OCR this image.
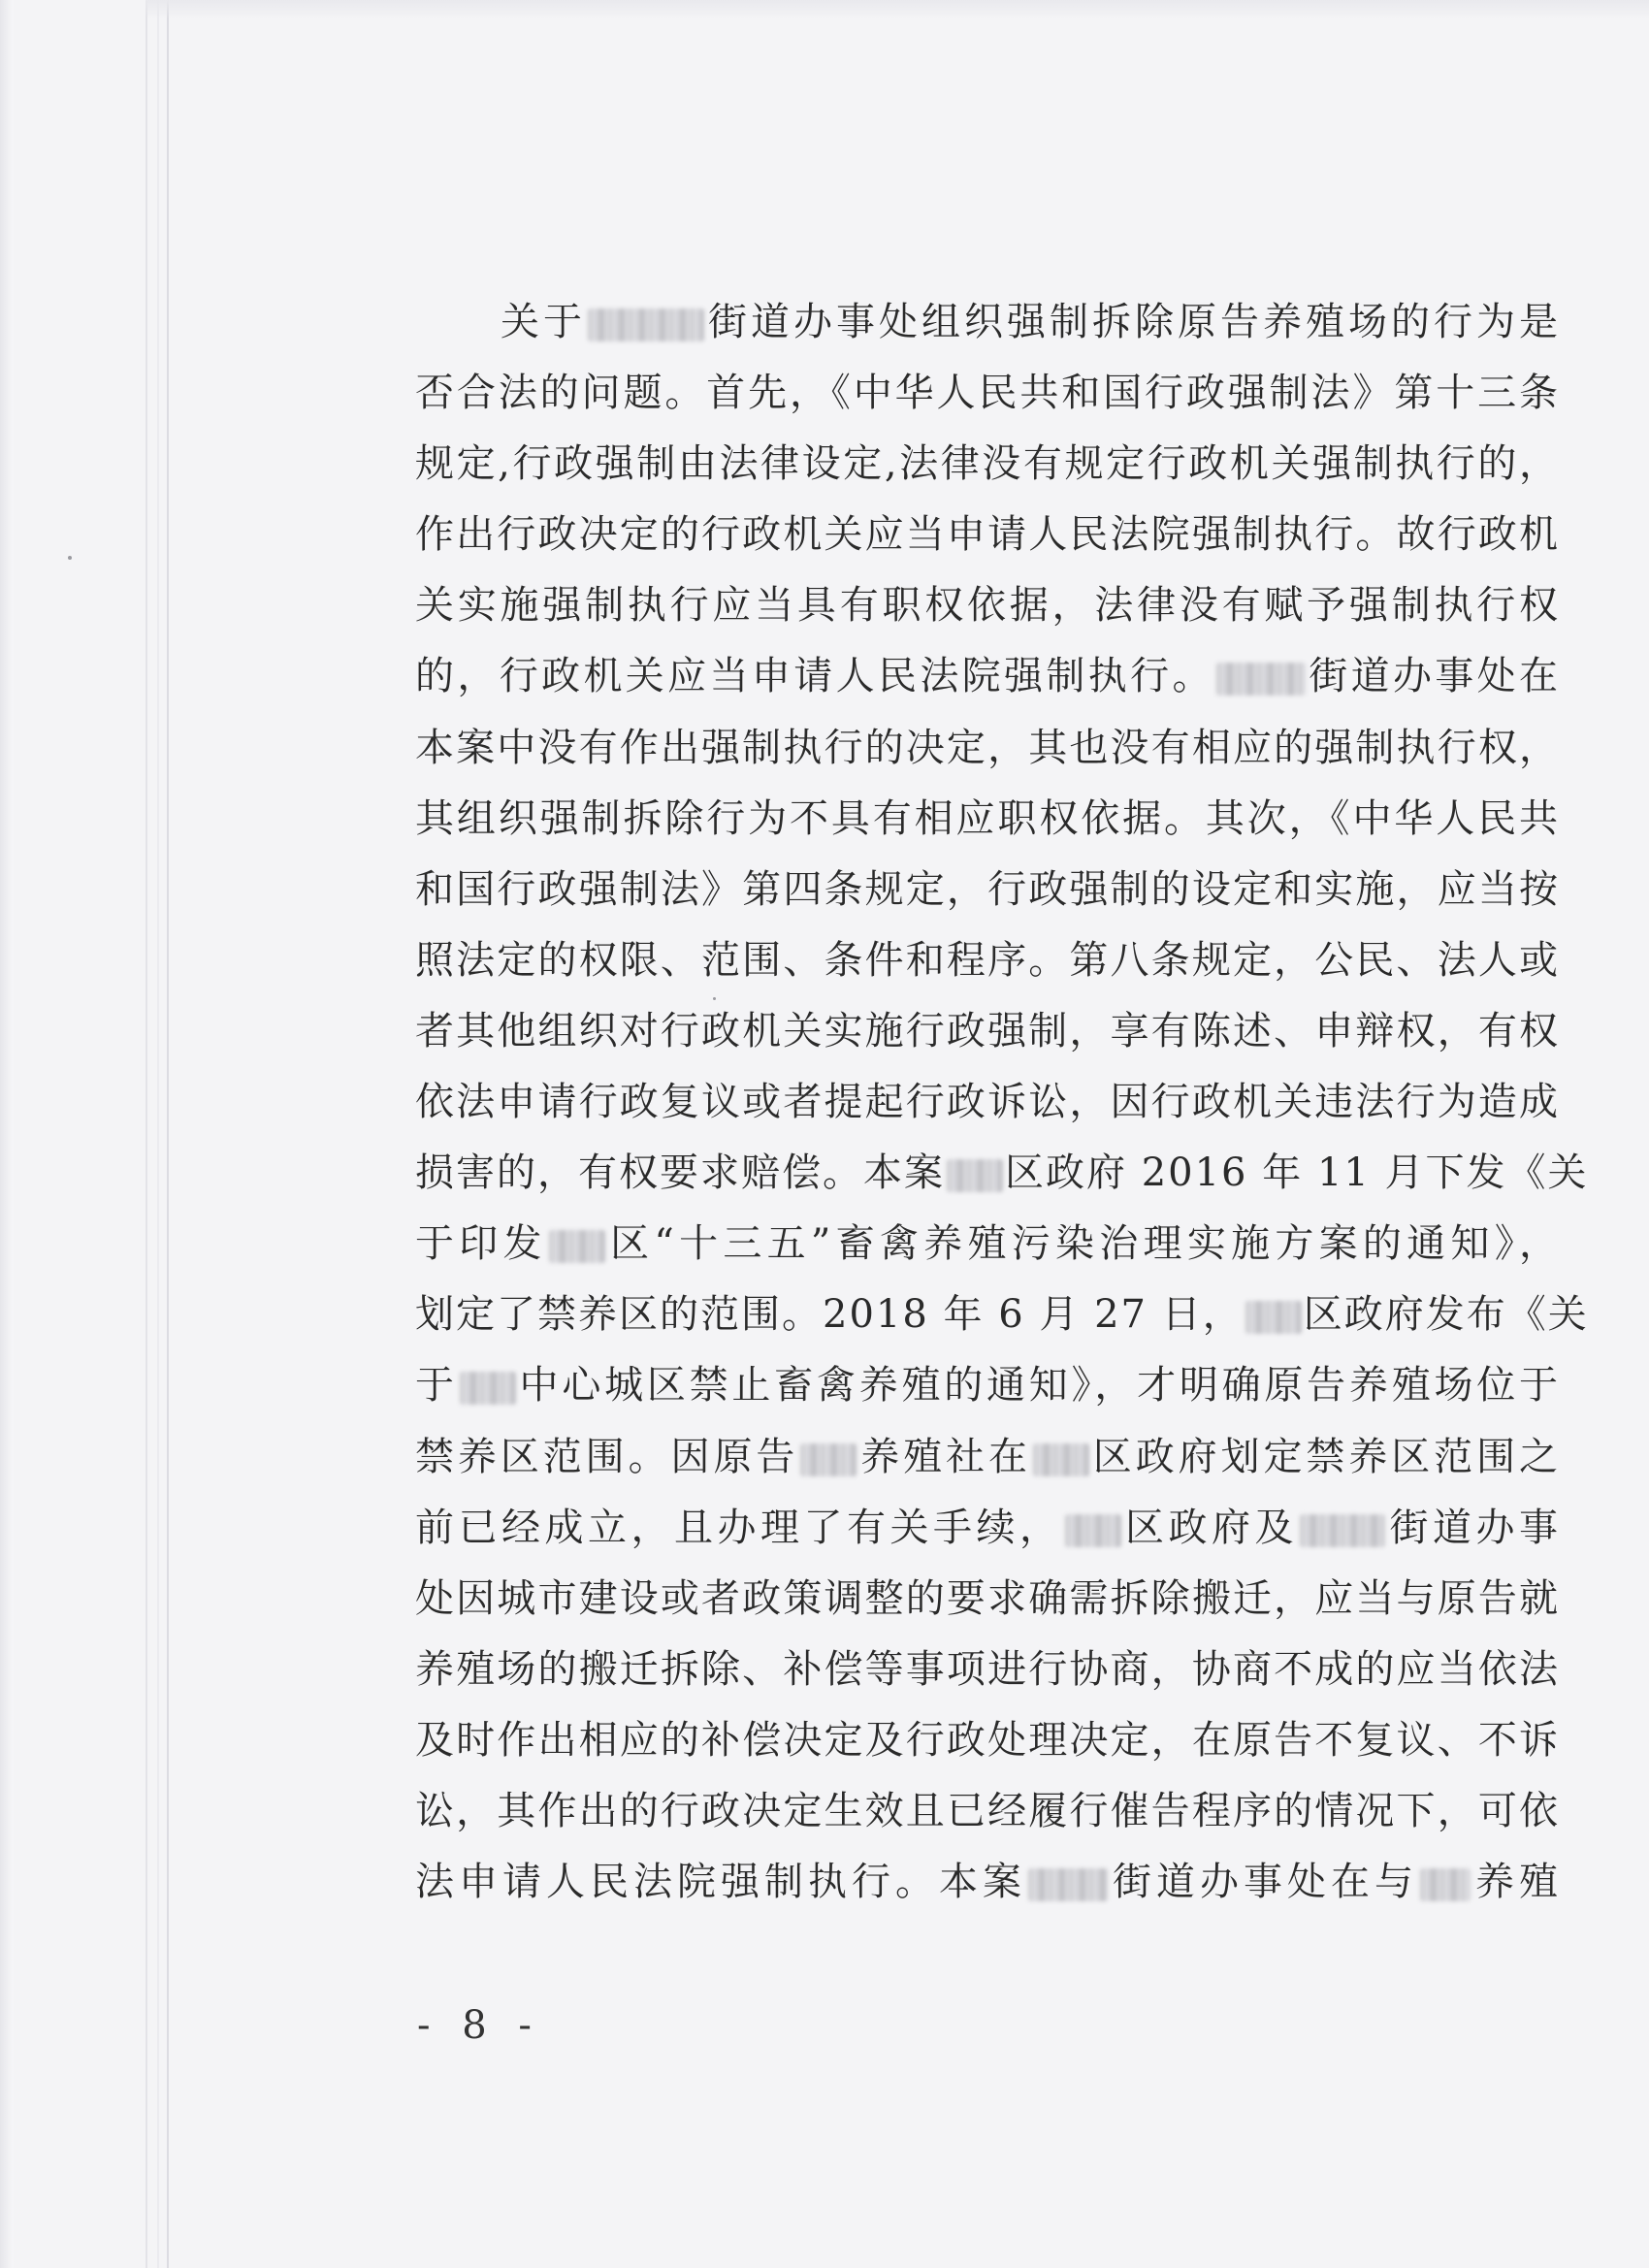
关于	街道办事处组织强制拆除原告养殖场的行为是
否合法的问题。首先，《中华人民共和国行政强制法》第十三条
规定,行政强制由法律设定,法律没有规定行政机关强制执行的，
作出行政决定的行政机关应当申请人民法院强制执行。故行政机
关实施强制执行应当具有职权依据，法律没有赋予强制执行权
的，行政机关应当申请人民法院强制执行。 街道办事处在
本案中没有作出强制执行的决定，其也没有相应的强制执行权，
其组织强制拆除行为不具有相应职权依据。其次，《中华人民共
和国行政强制法》第四条规定，行政强制的设定和实施，应当按
照法定的权限、范围、条件和程序。第八条规定，公民、法人或
者其他组织对行政机关实施行政强制，享有陈述、申辩权，有权
依法申请行政复议或者提起行政诉讼，因行政机关违法行为造成
损害的，有权要求赔偿。本案 区政府 2016 年 11 月下发《关
于印发 区“十三五”畜禽养殖污染治理实施方案的通知》，
划定了禁养区的范围。2018 年 6 月 27 日， 区政府发布《关
于 中心城区禁止畜禽养殖的通知》，才明确原告养殖场位于
禁养区范围。因原告 养殖社在 区政府划定禁养区范围之
前已经成立，且办理了有关手续， 区政府及 街道办事
处因城市建设或者政策调整的要求确需拆除搬迁，应当与原告就
养殖场的搬迁拆除、补偿等事项进行协商，协商不成的应当依法
及时作出相应的补偿决定及行政处理决定，在原告不复议、不诉
讼，其作出的行政决定生效且已经履行催告程序的情况下，可依
法申请人民法院强制执行。本案 街道办事处在与 养殖
- 8 -
